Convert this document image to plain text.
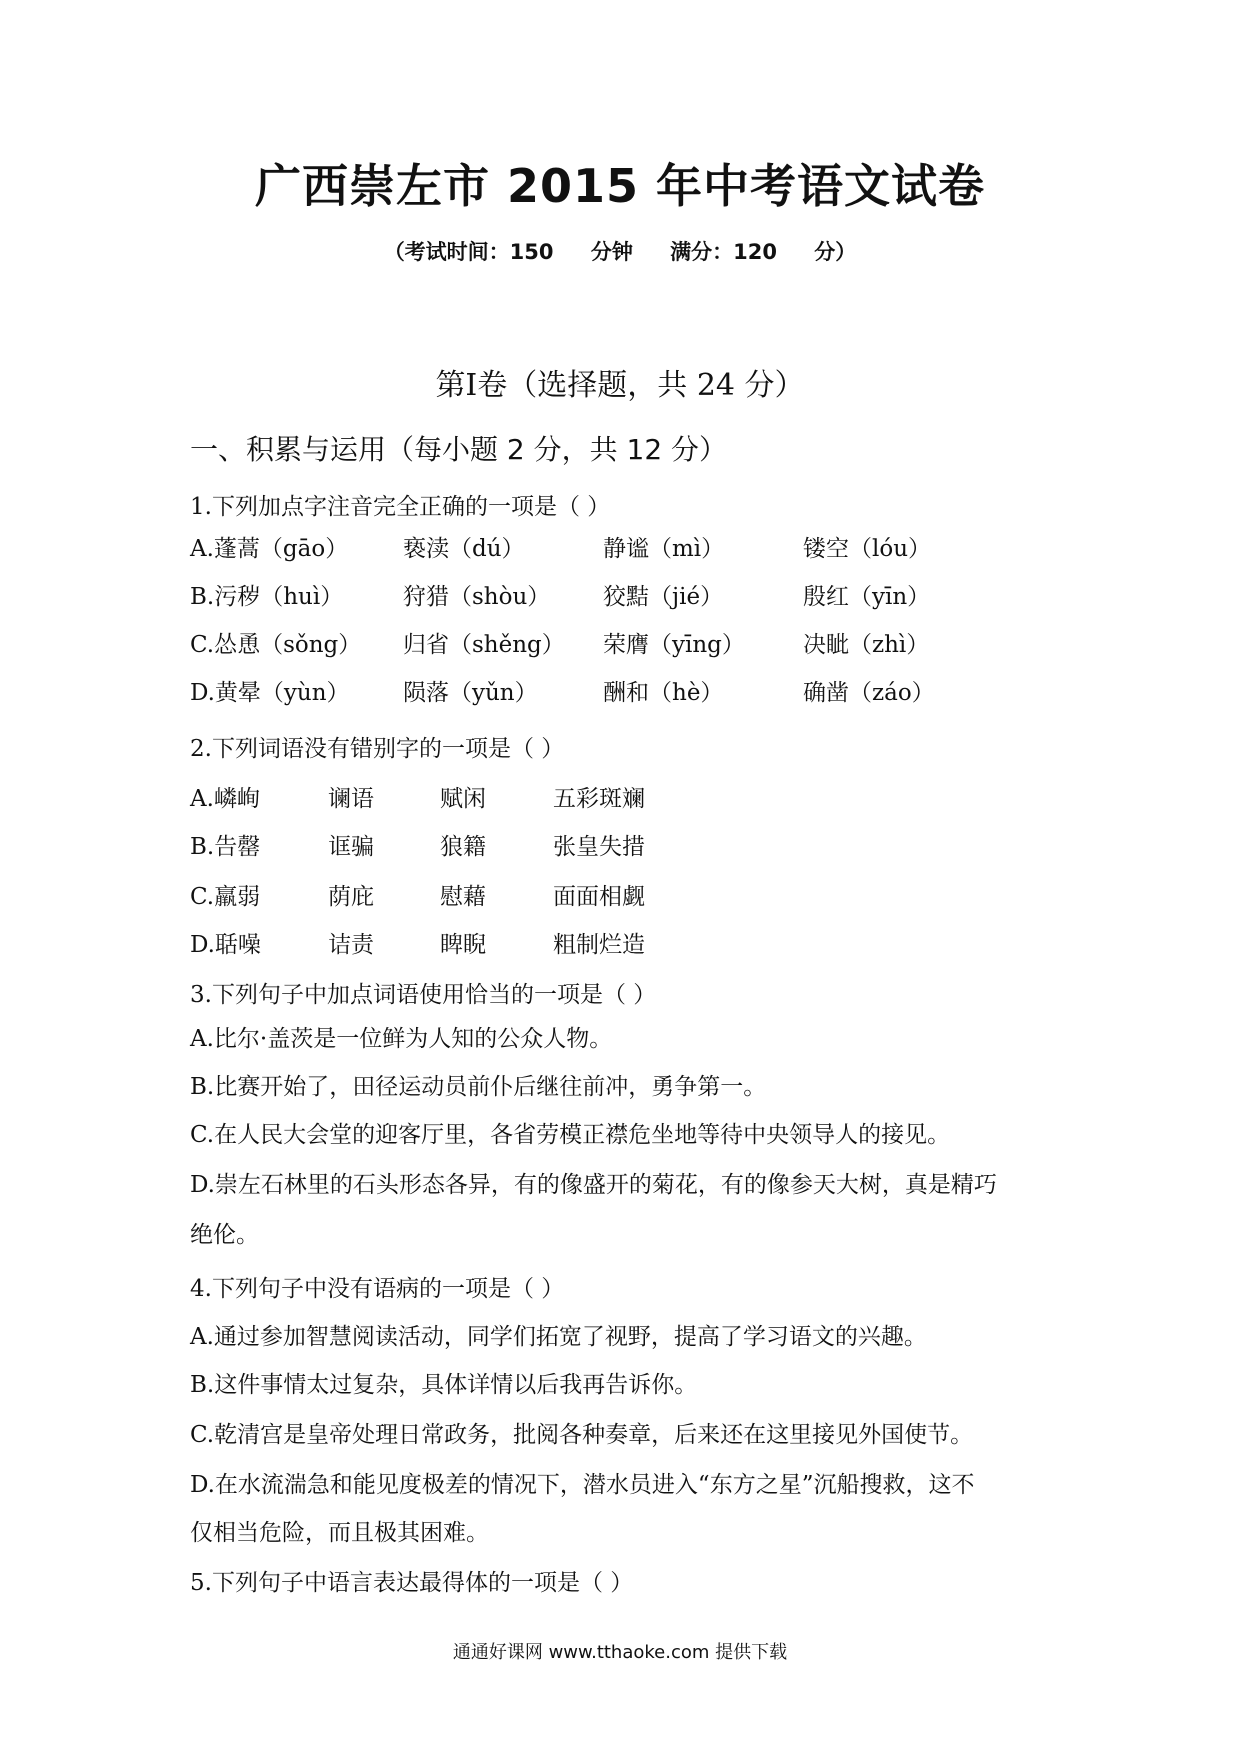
广西崇左市 2015 年中考语文试卷
（考试时间：150 分钟 满分：120 分）
第Ⅰ卷（选择题，共 24 分）
一、积累与运用（每小题 2 分，共 12 分）
1.下列加点字注音完全正确的一项是（ ）
A.蓬蒿（gāo） 亵渎（dú）	静谧（mì）	镂空（lóu）
B.污秽（huì）	狩猎（shòu） 狡黠（jié）	殷红（yīn）
C.怂恿（sǒng） 归省（shěng） 荣膺（yīng）	决眦（zhì）
D.黄晕（yùn） 陨落（yǔn）	酬和（hè）	确凿（záo）
2.下列词语没有错别字的一项是（ ）
A.嶙峋	谰语	赋闲	五彩斑斓
B.告罄	诓骗	狼籍	张皇失措
C.羸弱	荫庇	慰藉	面面相觑
D.聒噪	诘责	睥睨	粗制烂造
3.下列句子中加点词语使用恰当的一项是（ ）
A.比尔·盖茨是一位鲜为人知的公众人物。
B.比赛开始了，田径运动员前仆后继往前冲，勇争第一。
C.在人民大会堂的迎客厅里，各省劳模正襟危坐地等待中央领导人的接见。
D.崇左石林里的石头形态各异，有的像盛开的菊花，有的像参天大树，真是精巧
绝伦。
4.下列句子中没有语病的一项是（ ）
A.通过参加智慧阅读活动，同学们拓宽了视野，提高了学习语文的兴趣。
B.这件事情太过复杂，具体详情以后我再告诉你。
C.乾清宫是皇帝处理日常政务，批阅各种奏章，后来还在这里接见外国使节。
D.在水流湍急和能见度极差的情况下，潜水员进入“东方之星”沉船搜救，这不
仅相当危险，而且极其困难。
5.下列句子中语言表达最得体的一项是（ ）
通通好课网 www.tthaoke.com 提供下载
